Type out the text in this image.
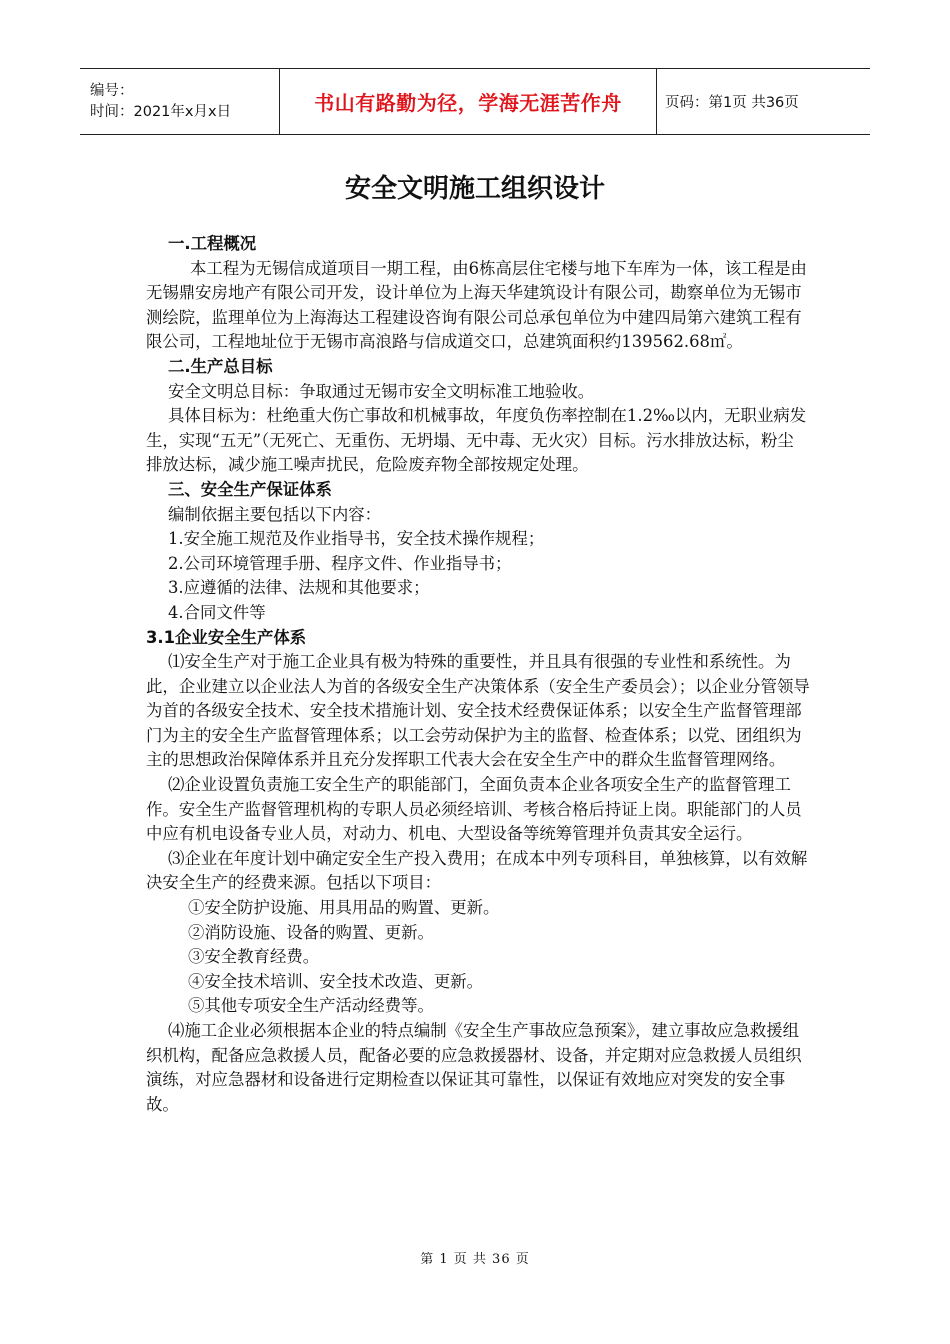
编号：
时间：2021年x月x日	书山有路勤为径，学海无涯苦作舟	页码：第1页 共36页
安全文明施工组织设计

一.工程概况

本工程为无锡信成道项目一期工程，由6栋高层住宅楼与地下车库为一体，该工程是由无锡鼎安房地产有限公司开发，设计单位为上海天华建筑设计有限公司，勘察单位为无锡市测绘院，监理单位为上海海达工程建设咨询有限公司总承包单位为中建四局第六建筑工程有限公司，工程地址位于无锡市高浪路与信成道交口，总建筑面积约139562.68㎡。

二.生产总目标

安全文明总目标：争取通过无锡市安全文明标准工地验收。

具体目标为：杜绝重大伤亡事故和机械事故，年度负伤率控制在1.2‰以内，无职业病发生，实现“五无”（无死亡、无重伤、无坍塌、无中毒、无火灾）目标。污水排放达标，粉尘排放达标，减少施工噪声扰民，危险废弃物全部按规定处理。

三、安全生产保证体系

编制依据主要包括以下内容：

1.安全施工规范及作业指导书，安全技术操作规程；

2.公司环境管理手册、程序文件、作业指导书；

3.应遵循的法律、法规和其他要求；

4.合同文件等

3.1企业安全生产体系

⑴安全生产对于施工企业具有极为特殊的重要性，并且具有很强的专业性和系统性。为此，企业建立以企业法人为首的各级安全生产决策体系（安全生产委员会）；以企业分管领导为首的各级安全技术、安全技术措施计划、安全技术经费保证体系；以安全生产监督管理部门为主的安全生产监督管理体系；以工会劳动保护为主的监督、检查体系；以党、团组织为主的思想政治保障体系并且充分发挥职工代表大会在安全生产中的群众生监督管理网络。

⑵企业设置负责施工安全生产的职能部门，全面负责本企业各项安全生产的监督管理工作。安全生产监督管理机构的专职人员必须经培训、考核合格后持证上岗。职能部门的人员中应有机电设备专业人员，对动力、机电、大型设备等统筹管理并负责其安全运行。

⑶企业在年度计划中确定安全生产投入费用；在成本中列专项科目，单独核算，以有效解决安全生产的经费来源。包括以下项目：

①安全防护设施、用具用品的购置、更新。

②消防设施、设备的购置、更新。

③安全教育经费。

④安全技术培训、安全技术改造、更新。

⑤其他专项安全生产活动经费等。

⑷施工企业必须根据本企业的特点编制《安全生产事故应急预案》，建立事故应急救援组织机构，配备应急救援人员，配备必要的应急救援器材、设备，并定期对应急救援人员组织演练，对应急器材和设备进行定期检查以保证其可靠性，以保证有效地应对突发的安全事故。

第 1 页 共 36 页
